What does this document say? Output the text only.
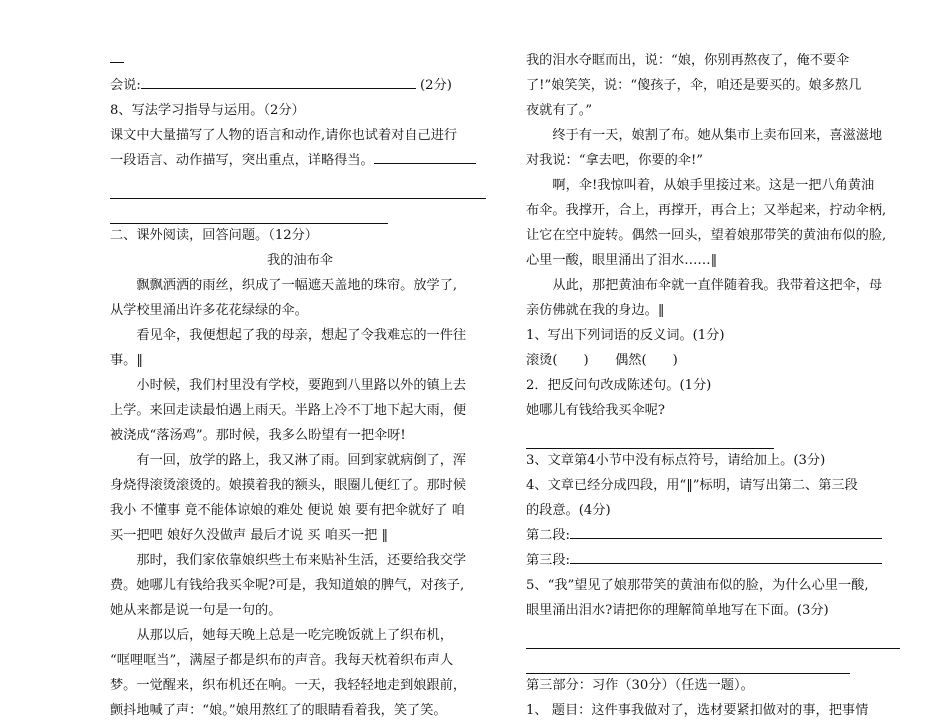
会说:	(2分)

8、写法学习指导与运用。（2分）

课文中大量描写了人物的语言和动作,请你也试着对自己进行

一段语言、动作描写，突出重点，详略得当。

二、课外阅读，回答问题。（12分）

我的油布伞

飘飘洒洒的雨丝，织成了一幅遮天盖地的珠帘。放学了,

从学校里涌出许多花花绿绿的伞。

看见伞，我便想起了我的母亲，想起了令我难忘的一件往

事。‖

小时候，我们村里没有学校，要跑到八里路以外的镇上去

上学。来回走读最怕遇上雨天。半路上冷不丁地下起大雨，便

被浇成“落汤鸡”。那时候，我多么盼望有一把伞呀!

有一回，放学的路上，我又淋了雨。回到家就病倒了，浑

身烧得滚烫滚烫的。娘摸着我的额头，眼圈儿便红了。那时候

我小 不懂事 竟不能体谅娘的难处 便说 娘 要有把伞就好了 咱

买一把吧 娘好久没做声 最后才说 买 咱买一把 ‖

那时，我们家依靠娘织些土布来贴补生活，还要给我交学

费。她哪儿有钱给我买伞呢?可是，我知道娘的脾气，对孩子,

她从来都是说一句是一句的。

从那以后，她每天晚上总是一吃完晚饭就上了织布机，

“哐哩哐当”，满屋子都是织布的声音。我每天枕着织布声人

梦。一觉醒来，织布机还在响。一天，我轻轻地走到娘跟前，

颤抖地喊了声：“娘。”娘用熬红了的眼睛看着我，笑了笑。

我的泪水夺眶而出，说：“娘，你别再熬夜了，俺不要伞

了!”娘笑笑，说：“傻孩子，伞，咱还是要买的。娘多熬几

夜就有了。”

终于有一天，娘割了布。她从集市上卖布回来，喜滋滋地

对我说：“拿去吧，你要的伞!”

啊，伞!我惊叫着，从娘手里接过来。这是一把八角黄油

布伞。我撑开，合上，再撑开，再合上；又举起来，拧动伞柄,

让它在空中旋转。偶然一回头，望着娘那带笑的黄油布似的脸,

心里一酸，眼里涌出了泪水……‖

从此，那把黄油布伞就一直伴随着我。我带着这把伞，母

亲仿佛就在我的身边。‖

1、写出下列词语的反义词。(1分)

滚烫( ) 偶然( )

2．把反问句改成陈述句。(1分)

她哪儿有钱给我买伞呢?

3、文章第4小节中没有标点符号，请给加上。(3分)

4、文章已经分成四段，用“‖”标明，请写出第二、第三段

的段意。(4分)

第二段:

第三段:

5、“我”望见了娘那带笑的黄油布似的脸，为什么心里一酸,

眼里涌出泪水?请把你的理解简单地写在下面。(3分)

第三部分：习作（30分）（任选一题）。

1、 题目：这件事我做对了，选材要紧扣做对的事，把事情
